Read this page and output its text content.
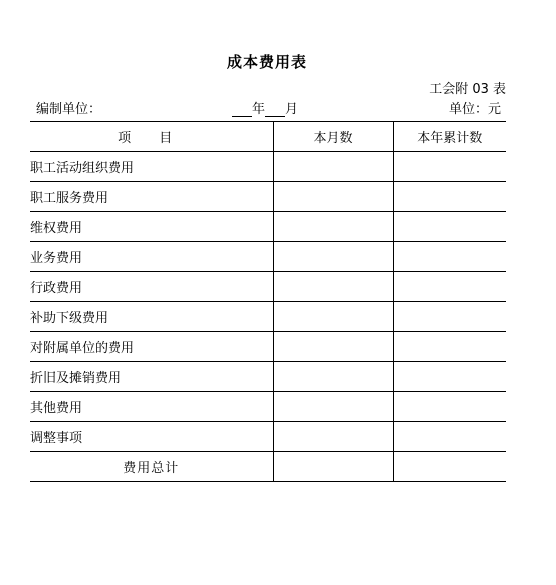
成本费用表
工会附 03 表
编制单位：	年 月	单位：元
项 目	本月数	本年累计数
职工活动组织费用		
职工服务费用		
维权费用		
业务费用		
行政费用		
补助下级费用		
对附属单位的费用		
折旧及摊销费用		
其他费用		
调整事项		
费用总计		
